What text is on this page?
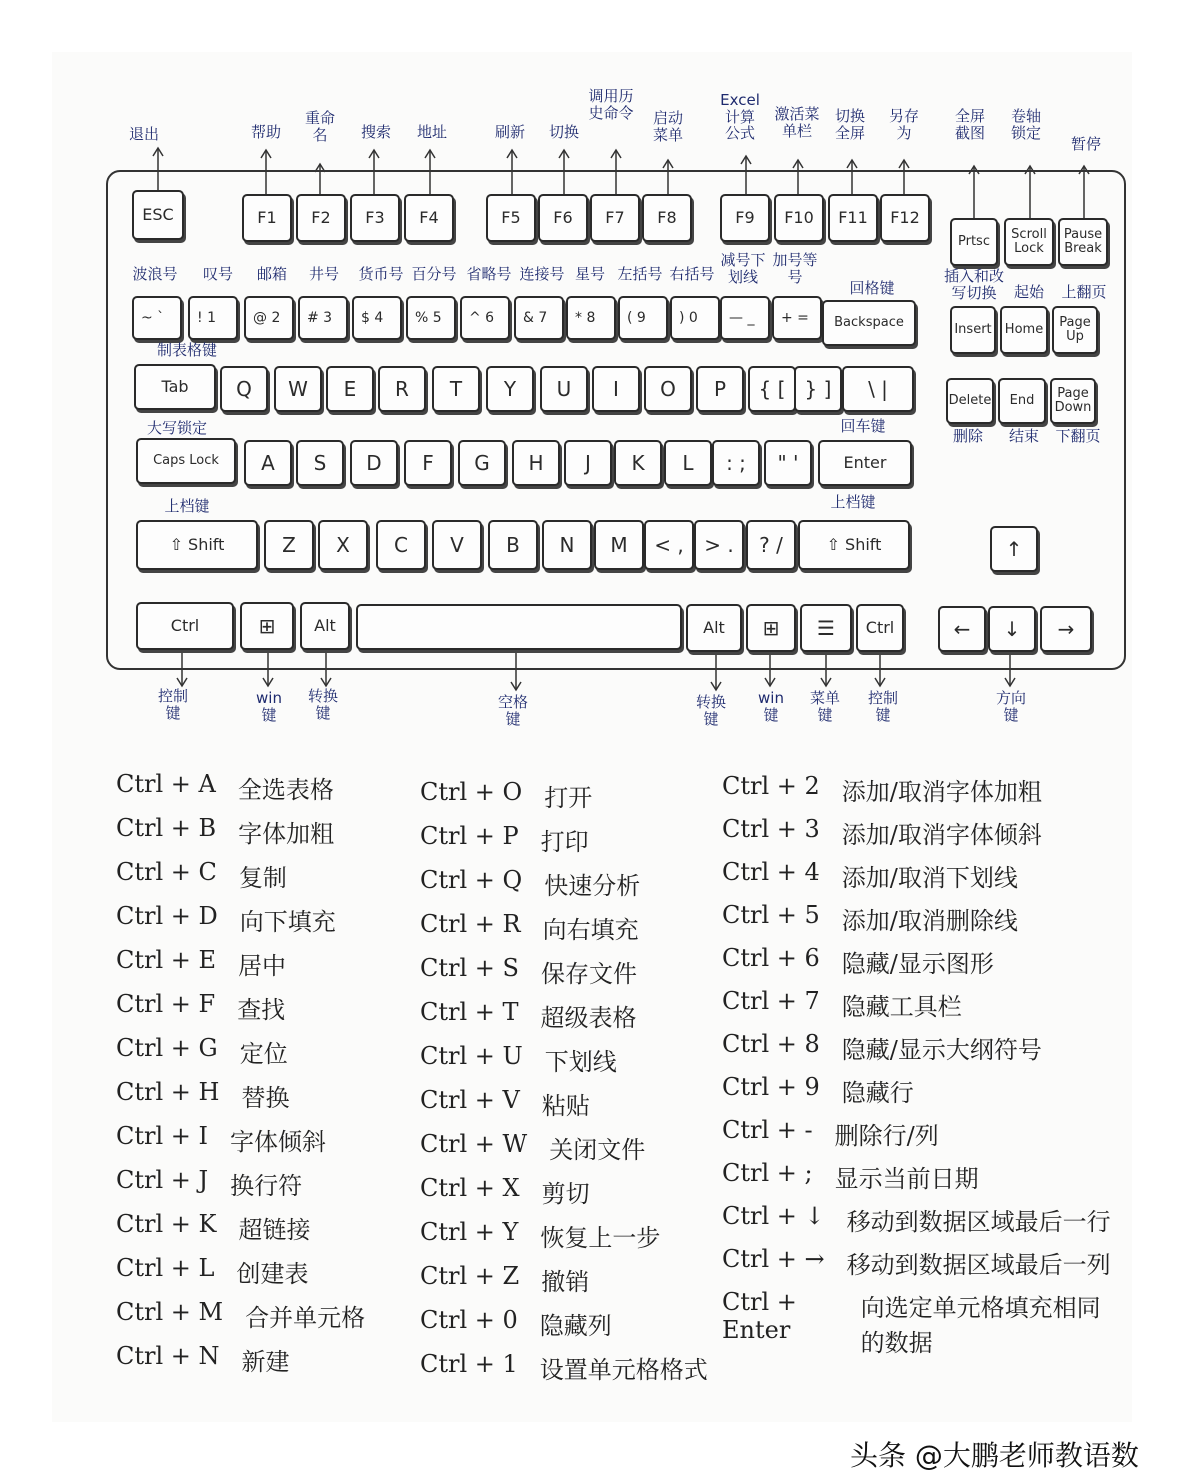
ESC	F1	F2	F3	F4	F5	F6	F7	F8	F9	F10	F11	F12
Prtsc	Scroll Lock
Pause Break
~ `	! 1	@ 2	# 3	$ 4	% 5	^ 6	& 7	* 8	( 9	) 0	— _	+ =	Backspace	Insert	Home	Page Up
Tab	Q	W	E	R	T	Y	U	I	O	P	{ [ } ]	\ |
Delete	End	Page Down
Caps Lock	A	S	D	F	G	H	J	K	L	: ;	" '	Enter
⇧ Shift	Z	X	C	V	B	N	M	< ,	> .	? /	⇧ Shift	↑
Ctrl	⊞	Alt	Alt	⊞ ☰	Ctrl	←	↓	→
退出	帮助
重命名	搜索	地址	刷新	切换
调用历史命令	启动菜单
Excel计算公式
激活菜单栏
切换全屏
另存为
全屏截图
卷轴锁定
暂停
波浪号	叹号	邮箱	井号	货币号 百分号 省略号 连接号 星号 左括号 右括号
减号下划线
加号等号
回格键
插入和改写切换	起始	上翻页
制表格键
大写锁定	回车键
上档键	上档键
删除	结束	下翻页
控制键
win键
转换键
空格键
转换键
win键
菜单键
控制键
方向键
Ctrl + A 全选表格
Ctrl + B 字体加粗
Ctrl + C 复制
Ctrl + D 向下填充
Ctrl + E 居中
Ctrl + F 查找
Ctrl + G 定位
Ctrl + H 替换
Ctrl + I 字体倾斜
Ctrl + J 换行符
Ctrl + K 超链接
Ctrl + L 创建表
Ctrl + M 合并单元格
Ctrl + N 新建
Ctrl + O 打开
Ctrl + P 打印
Ctrl + Q 快速分析
Ctrl + R 向右填充
Ctrl + S 保存文件
Ctrl + T 超级表格
Ctrl + U 下划线
Ctrl + V 粘贴
Ctrl + W 关闭文件
Ctrl + X 剪切
Ctrl + Y 恢复上一步
Ctrl + Z 撤销
Ctrl + 0 隐藏列
Ctrl + 1 设置单元格格式
Ctrl + 2 添加/取消字体加粗
Ctrl + 3 添加/取消字体倾斜
Ctrl + 4 添加/取消下划线
Ctrl + 5 添加/取消删除线
Ctrl + 6 隐藏/显示图形
Ctrl + 7 隐藏工具栏
Ctrl + 8 隐藏/显示大纲符号
Ctrl + 9 隐藏行
Ctrl + - 删除行/列
Ctrl + ; 显示当前日期
Ctrl + ↓ 移动到数据区域最后一行
Ctrl + → 移动到数据区域最后一列
Ctrl + Enter
向选定单元格填充相同的数据
头条 @大鹏老师教语数
